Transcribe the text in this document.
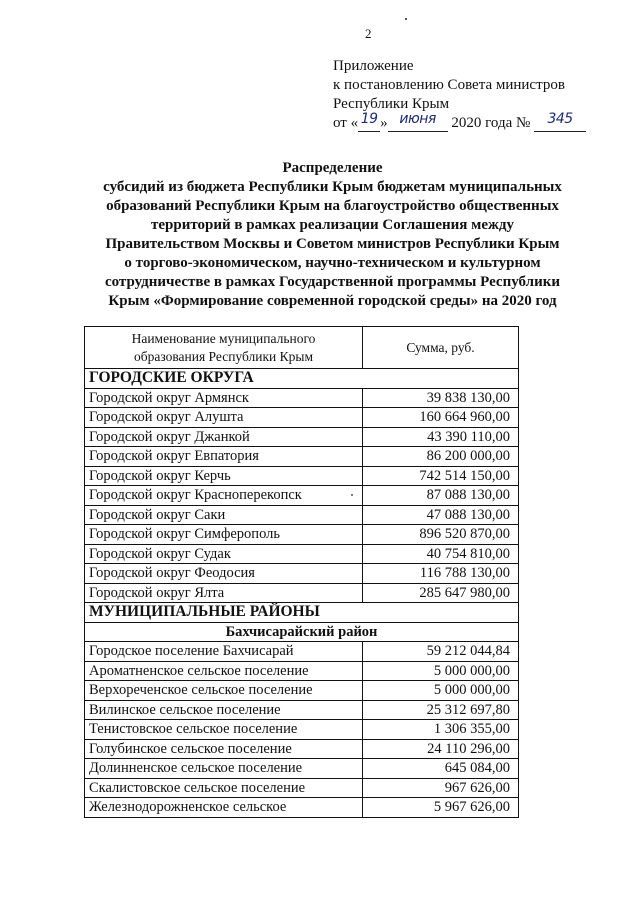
2
Приложение
к постановлению Совета министров
Республики Крым
от « 19 » июня 2020 года № 345
Распределение
субсидий из бюджета Республики Крым бюджетам муниципальных
образований Республики Крым на благоустройство общественных
территорий в рамках реализации Соглашения между
Правительством Москвы и Советом министров Республики Крым
о торгово-экономическом, научно-техническом и культурном
сотрудничестве в рамках Государственной программы Республики
Крым «Формирование современной городской среды» на 2020 год
Наименование муниципального
образования Республики Крым	Сумма, руб.
ГОРОДСКИЕ ОКРУГА	
Городской округ Армянск	39 838 130,00
Городской округ Алушта	160 664 960,00
Городской округ Джанкой	43 390 110,00
Городской округ Евпатория	86 200 000,00
Городской округ Керчь	742 514 150,00
Городской округ Красноперекопск	87 088 130,00
Городской округ Саки	47 088 130,00
Городской округ Симферополь	896 520 870,00
Городской округ Судак	40 754 810,00
Городской округ Феодосия	116 788 130,00
Городской округ Ялта	285 647 980,00
МУНИЦИПАЛЬНЫЕ РАЙОНЫ	
Бахчисарайский район	
Городское поселение Бахчисарай	59 212 044,84
Ароматненское сельское поселение	5 000 000,00
Верхореченское сельское поселение	5 000 000,00
Вилинское сельское поселение	25 312 697,80
Тенистовское сельское поселение	1 306 355,00
Голубинское сельское поселение	24 110 296,00
Долинненское сельское поселение	645 084,00
Скалистовское сельское поселение	967 626,00
Железнодорожненское сельское	5 967 626,00
